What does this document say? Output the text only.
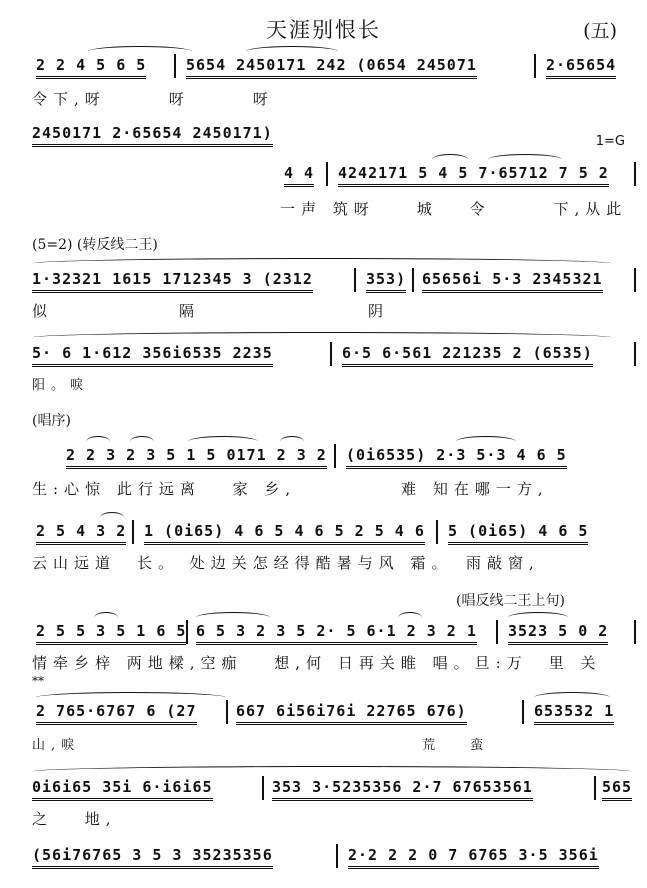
天涯别恨长	(五)
1=G
2 2 4 5 6 5	5654 2450171 242 (0654 245071	2·65654
令下,呀　　　呀　　　呀
2450171 2·65654 2450171)
4 4 4242171 5 4 5 7·65712 7 5 2
一声 筑呀　　城　 令　　　下,从此
(5=2) (转反线二王)
1·32321 1615 1712345 3 (2312	353) 65656i 5·3 2345321
似　　　　　　隔　　　　　　　　阴
5· 6 1·612 356i6535 2235	6·5 6·561 221235 2 (6535)
阳。唳
(唱序)
2 2 3 2 3 5 1 5 0171 2 3 2 (0i6535) 2·3 5·3 4 6 5
生:心惊 此行远离　 家 乡,　　　　　难 知在哪一方,
2 5 4 3 2 1 (0i65) 4 6 5 4 6 5 2 5 4 6 5 (0i65) 4 6 5
云山远道　长。 处边关怎经得酷暑与风 霜。　雨敲窗,
(唱反线二王上句)
2 5 5 3 5 1 6 5 6 5 3 2 3 5 2· 5 6·1 2 3 2 1 3523 5 0 2
情牵乡梓 两地樑,空痂　 想,何 日再关睢 唱。旦:万　里 关
**
2 765·6767 6 (27	667 6i56i76i 22765 676)	653532 1
山,唳　　　　　　　　　　　　　　　　　　荒　 蛮
0i6i65 35i 6·i6i65	353 3·5235356 2·7 67653561	565
之　 地,
(56i76765 3 5 3 35235356	2·2 2 2 0 7 6765 3·5 356i
